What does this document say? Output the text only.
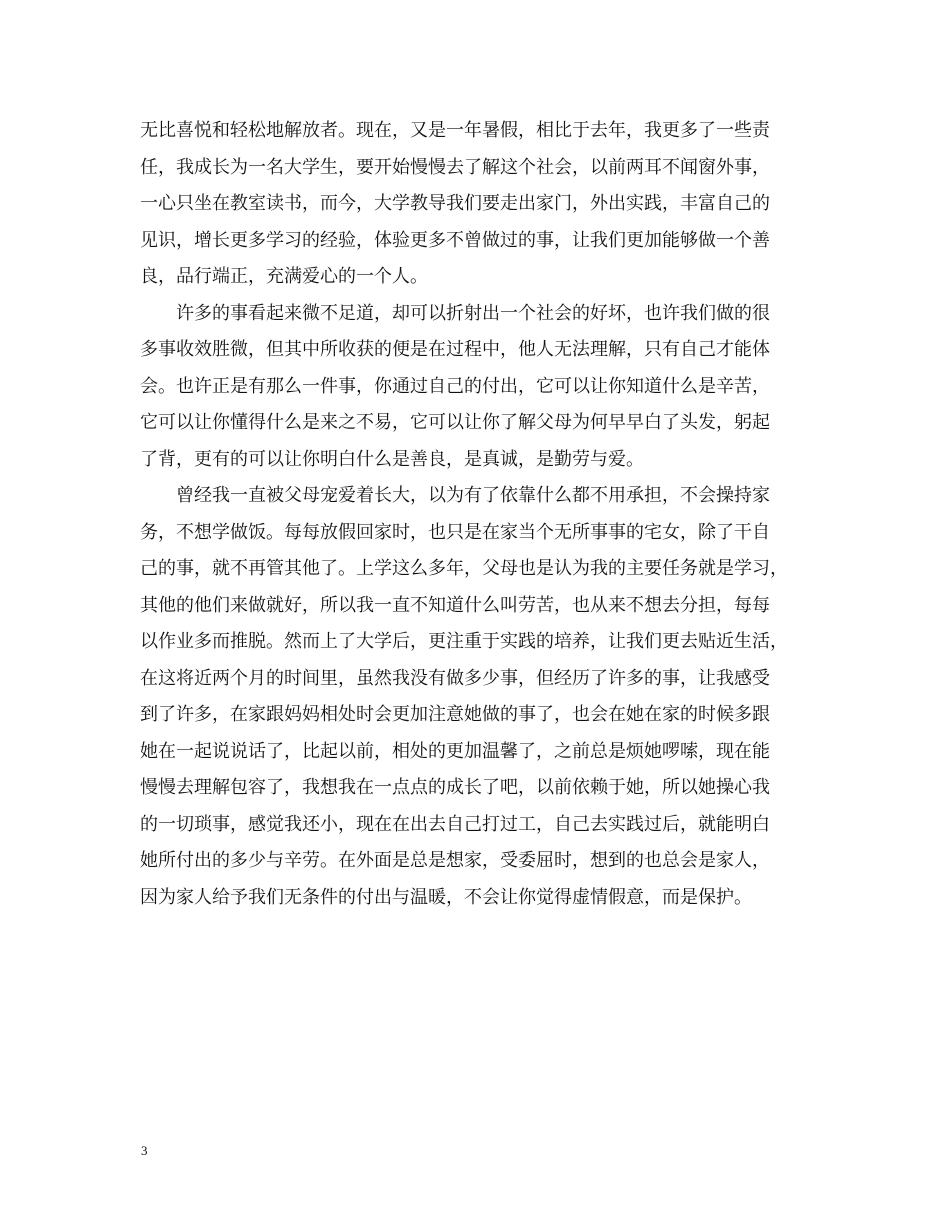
无比喜悦和轻松地解放者。现在，又是一年暑假，相比于去年，我更多了一些责
任，我成长为一名大学生，要开始慢慢去了解这个社会，以前两耳不闻窗外事，
一心只坐在教室读书，而今，大学教导我们要走出家门，外出实践，丰富自己的
见识，增长更多学习的经验，体验更多不曾做过的事，让我们更加能够做一个善
良，品行端正，充满爱心的一个人。

　　许多的事看起来微不足道，却可以折射出一个社会的好坏，也许我们做的很
多事收效胜微，但其中所收获的便是在过程中，他人无法理解，只有自己才能体
会。也许正是有那么一件事，你通过自己的付出，它可以让你知道什么是辛苦，
它可以让你懂得什么是来之不易，它可以让你了解父母为何早早白了头发，躬起
了背，更有的可以让你明白什么是善良，是真诚，是勤劳与爱。

　　曾经我一直被父母宠爱着长大，以为有了依靠什么都不用承担，不会操持家
务，不想学做饭。每每放假回家时，也只是在家当个无所事事的宅女，除了干自
己的事，就不再管其他了。上学这么多年，父母也是认为我的主要任务就是学习，
其他的他们来做就好，所以我一直不知道什么叫劳苦，也从来不想去分担，每每
以作业多而推脱。然而上了大学后，更注重于实践的培养，让我们更去贴近生活，
在这将近两个月的时间里，虽然我没有做多少事，但经历了许多的事，让我感受
到了许多，在家跟妈妈相处时会更加注意她做的事了，也会在她在家的时候多跟
她在一起说说话了，比起以前，相处的更加温馨了，之前总是烦她啰嗦，现在能
慢慢去理解包容了，我想我在一点点的成长了吧，以前依赖于她，所以她操心我
的一切琐事，感觉我还小，现在在出去自己打过工，自己去实践过后，就能明白
她所付出的多少与辛劳。在外面是总是想家，受委屈时，想到的也总会是家人，
因为家人给予我们无条件的付出与温暖，不会让你觉得虚情假意，而是保护。

3
